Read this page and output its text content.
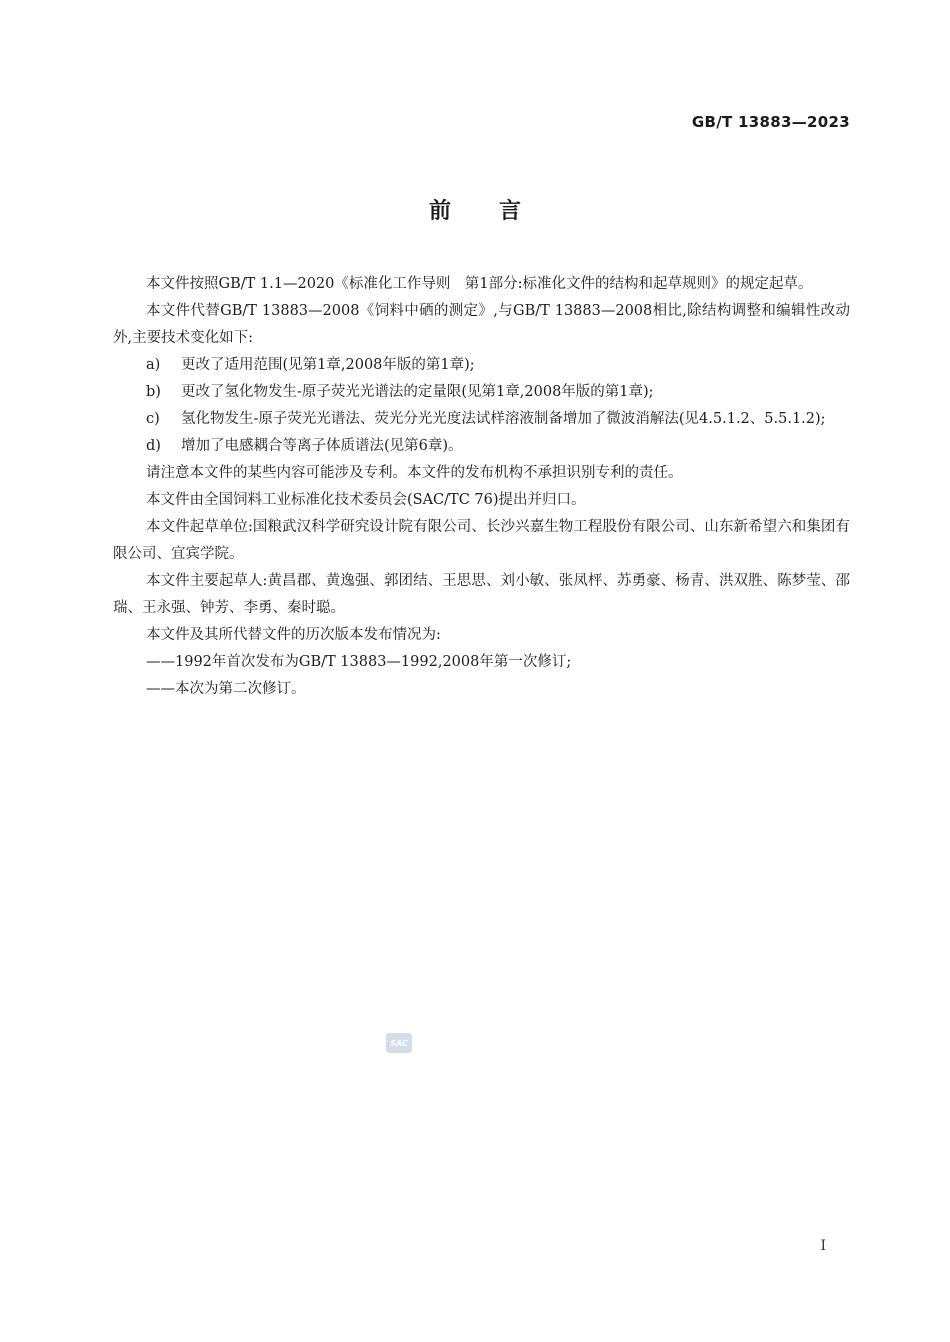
GB/T 13883—2023
前言

本文件按照GB/T 1.1—2020《标准化工作导则　第1部分:标准化文件的结构和起草规则》的规定起草。

本文件代替GB/T 13883—2008《饲料中硒的测定》,与GB/T 13883—2008相比,除结构调整和编辑性改动外,主要技术变化如下:

a)	更改了适用范围(见第1章,2008年版的第1章);
b)	更改了氢化物发生-原子荧光光谱法的定量限(见第1章,2008年版的第1章);
c)	氢化物发生-原子荧光光谱法、荧光分光光度法试样溶液制备增加了微波消解法(见4.5.1.2、5.5.1.2);
d)	增加了电感耦合等离子体质谱法(见第6章)。

请注意本文件的某些内容可能涉及专利。本文件的发布机构不承担识别专利的责任。

本文件由全国饲料工业标准化技术委员会(SAC/TC 76)提出并归口。

本文件起草单位:国粮武汉科学研究设计院有限公司、长沙兴嘉生物工程股份有限公司、山东新希望六和集团有限公司、宜宾学院。

本文件主要起草人:黄昌郡、黄逸强、郭团结、王思思、刘小敏、张凤枰、苏勇豪、杨青、洪双胜、陈梦莹、邵瑞、王永强、钟芳、李勇、秦时聪。

本文件及其所代替文件的历次版本发布情况为:

——1992年首次发布为GB/T 13883—1992,2008年第一次修订;

——本次为第二次修订。

SAC
I
